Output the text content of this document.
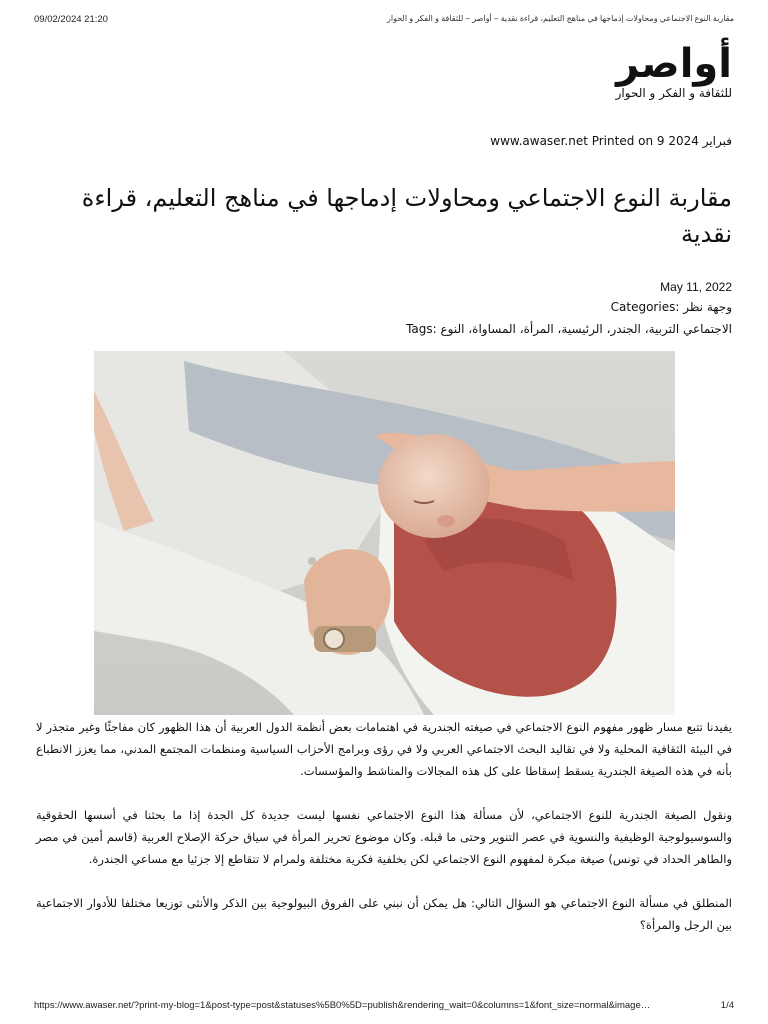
09/02/2024 21:20	مقاربة النوع الاجتماعي ومحاولات إدماجها في مناهج التعليم، قراءة نقدية – أواصر – للثقافة و الفكر و الحوار
أواصر
للثقافة و الفكر و الحوار
www.awaser.net Printed on 9 فبراير 2024
مقاربة النوع الاجتماعي ومحاولات إدماجها في مناهج التعليم، قراءة نقدية
May 11, 2022
Categories: وجهة نظر
Tags: الاجتماعي التربية، الجندر، الرئيسية، المرأة، المساواة، النوع

يفيدنا تتبع مسار ظهور مفهوم النوع الاجتماعي في صيغته الجندرية في اهتمامات بعض أنظمة الدول العربية أن هذا الظهور كان مفاجئًا وغير متجذر لا في البيئة الثقافية المحلية ولا في تقاليد البحث الاجتماعي العربي ولا في رؤى وبرامج الأحزاب السياسية ومنظمات المجتمع المدني، مما يعزز الانطباع بأنه في هذه الصيغة الجندرية يسقط إسقاطا على كل هذه المجالات والمناشط والمؤسسات.

ونقول الصيغة الجندرية للنوع الاجتماعي، لأن مسألة هذا النوع الاجتماعي نفسها ليست جديدة كل الجدة إذا ما بحثنا في أسسها الحقوقية والسوسيولوجية الوظيفية والنسوية في عصر التنوير وحتى ما قبله. وكان موضوع تحرير المرأة في سياق حركة الإصلاح العربية (قاسم أمين في مصر والطاهر الحداد في تونس) صيغة مبكرة لمفهوم النوع الاجتماعي لكن بخلفية فكرية مختلفة ولمرام لا تتقاطع إلا جزئيا مع مساعي الجندرة.

المنطلق في مسألة النوع الاجتماعي هو السؤال التالي: هل يمكن أن نبني على الفروق البيولوجية بين الذكر والأنثى توزيعا مختلفا للأدوار الاجتماعية بين الرجل والمرأة؟

https://www.awaser.net/?print-my-blog=1&post-type=post&statuses%5B0%5D=publish&rendering_wait=0&columns=1&font_size=normal&image…	1/4
